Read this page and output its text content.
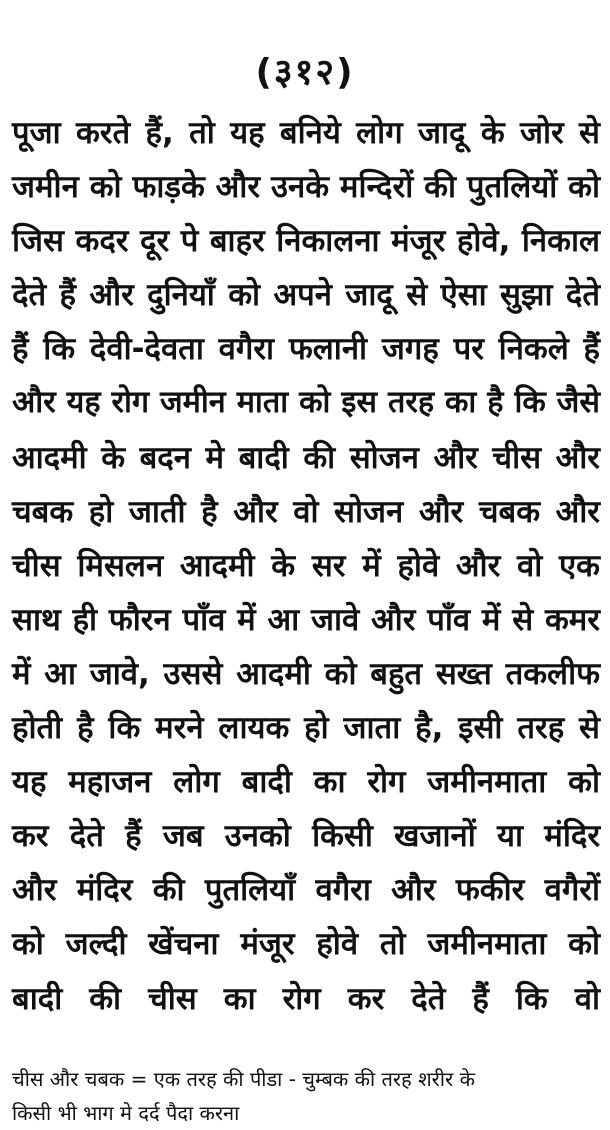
(३१२)
पूजा करते हैं, तो यह बनिये लोग जादू के जोर से
जमीन को फाड़के और उनके मन्दिरों की पुतलियों को
जिस कदर दूर पे बाहर निकालना मंजूर होवे, निकाल
देते हैं और दुनियाँ को अपने जादू से ऐसा सुझा देते
हैं कि देवी-देवता वगैरा फलानी जगह पर निकले हैं
और यह रोग जमीन माता को इस तरह का है कि जैसे
आदमी के बदन मे बादी की सोजन और चीस और
चबक हो जाती है और वो सोजन और चबक और
चीस मिसलन आदमी के सर में होवे और वो एक
साथ ही फौरन पाँव में आ जावे और पाँव में से कमर
में आ जावे, उससे आदमी को बहुत सख्त तकलीफ
होती है कि मरने लायक हो जाता है, इसी तरह से
यह महाजन लोग बादी का रोग जमीनमाता को
कर देते हैं जब उनको किसी खजानों या मंदिर
और मंदिर की पुतलियाँ वगैरा और फकीर वगैरों
को जल्दी खेंचना मंजूर होवे तो जमीनमाता को
बादी की चीस का रोग कर देते हैं कि वो
चीस और चबक = एक तरह की पीडा - चुम्बक की तरह शरीर के
किसी भी भाग मे दर्द पैदा करना
